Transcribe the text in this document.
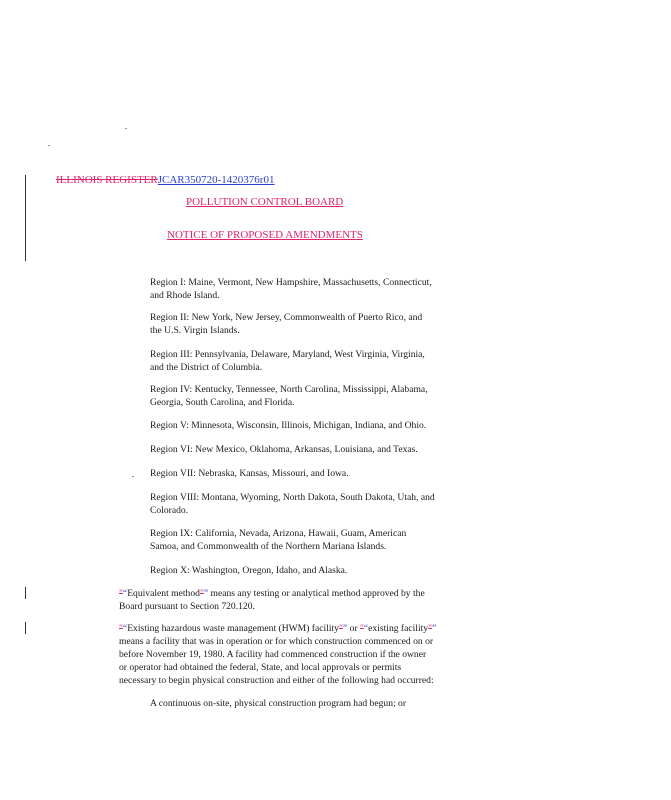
ILLINOIS REGISTERJCAR350720-1420376r01
POLLUTION CONTROL BOARD
NOTICE OF PROPOSED AMENDMENTS
Region I: Maine, Vermont, New Hampshire, Massachusetts, Connecticut,
and Rhode Island.
Region II: New York, New Jersey, Commonwealth of Puerto Rico, and
the U.S. Virgin Islands.
Region III: Pennsylvania, Delaware, Maryland, West Virginia, Virginia,
and the District of Columbia.
Region IV: Kentucky, Tennessee, North Carolina, Mississippi, Alabama,
Georgia, South Carolina, and Florida.
Region V: Minnesota, Wisconsin, Illinois, Michigan, Indiana, and Ohio.
Region VI: New Mexico, Oklahoma, Arkansas, Louisiana, and Texas.
Region VII: Nebraska, Kansas, Missouri, and Iowa.
Region VIII: Montana, Wyoming, North Dakota, South Dakota, Utah, and
Colorado.
Region IX: California, Nevada, Arizona, Hawaii, Guam, American
Samoa, and Commonwealth of the Northern Mariana Islands.
Region X: Washington, Oregon, Idaho, and Alaska.
"“Equivalent method"” means any testing or analytical method approved by the
Board pursuant to Section 720.120.
"“Existing hazardous waste management (HWM) facility"” or "“existing facility"”
means a facility that was in operation or for which construction commenced on or
before November 19, 1980. A facility had commenced construction if the owner
or operator had obtained the federal, State, and local approvals or permits
necessary to begin physical construction and either of the following had occurred:
A continuous on-site, physical construction program had begun; or
